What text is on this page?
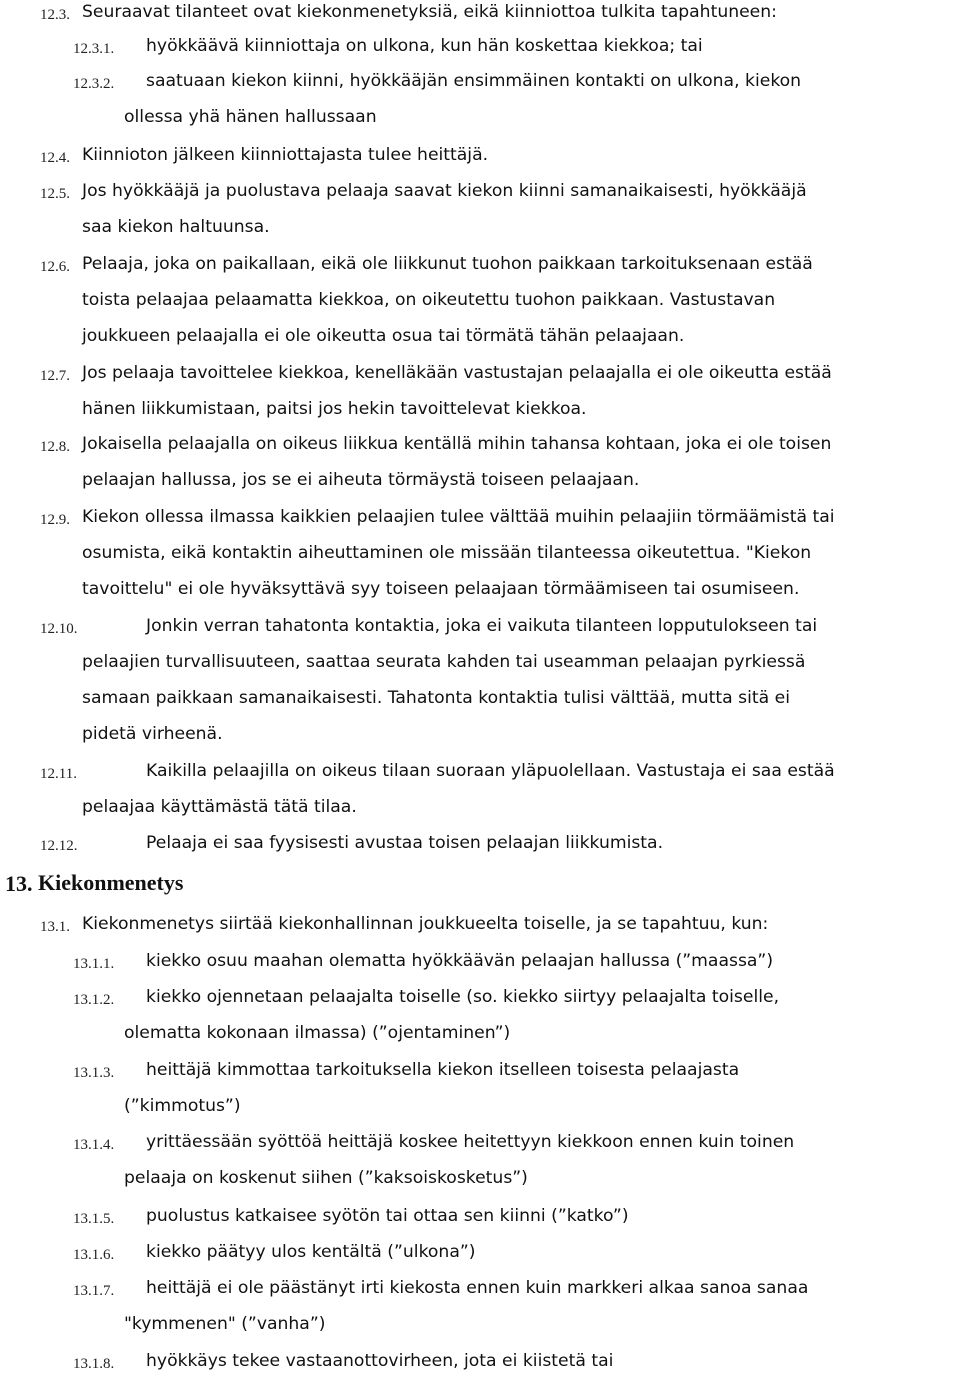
12.3. Seuraavat tilanteet ovat kiekonmenetyksiä, eikä kiinniottoa tulkita tapahtuneen:
12.3.1. hyökkäävä kiinniottaja on ulkona, kun hän koskettaa kiekkoa; tai
12.3.2. saatuaan kiekon kiinni, hyökkääjän ensimmäinen kontakti on ulkona, kiekon
ollessa yhä hänen hallussaan
12.4. Kiinnioton jälkeen kiinniottajasta tulee heittäjä.
12.5. Jos hyökkääjä ja puolustava pelaaja saavat kiekon kiinni samanaikaisesti, hyökkääjä
saa kiekon haltuunsa.
12.6. Pelaaja, joka on paikallaan, eikä ole liikkunut tuohon paikkaan tarkoituksenaan estää
toista pelaajaa pelaamatta kiekkoa, on oikeutettu tuohon paikkaan. Vastustavan
joukkueen pelaajalla ei ole oikeutta osua tai törmätä tähän pelaajaan.
12.7. Jos pelaaja tavoittelee kiekkoa, kenelläkään vastustajan pelaajalla ei ole oikeutta estää
hänen liikkumistaan, paitsi jos hekin tavoittelevat kiekkoa.
12.8. Jokaisella pelaajalla on oikeus liikkua kentällä mihin tahansa kohtaan, joka ei ole toisen
pelaajan hallussa, jos se ei aiheuta törmäystä toiseen pelaajaan.
12.9. Kiekon ollessa ilmassa kaikkien pelaajien tulee välttää muihin pelaajiin törmäämistä tai
osumista, eikä kontaktin aiheuttaminen ole missään tilanteessa oikeutettua. "Kiekon
tavoittelu" ei ole hyväksyttävä syy toiseen pelaajaan törmäämiseen tai osumiseen.
12.10.	Jonkin verran tahatonta kontaktia, joka ei vaikuta tilanteen lopputulokseen tai
pelaajien turvallisuuteen, saattaa seurata kahden tai useamman pelaajan pyrkiessä
samaan paikkaan samanaikaisesti. Tahatonta kontaktia tulisi välttää, mutta sitä ei
pidetä virheenä.
12.11.	Kaikilla pelaajilla on oikeus tilaan suoraan yläpuolellaan. Vastustaja ei saa estää
pelaajaa käyttämästä tätä tilaa.
12.12.	Pelaaja ei saa fyysisesti avustaa toisen pelaajan liikkumista.
13. Kiekonmenetys
13.1. Kiekonmenetys siirtää kiekonhallinnan joukkueelta toiselle, ja se tapahtuu, kun:
13.1.1. kiekko osuu maahan olematta hyökkäävän pelaajan hallussa (”maassa”)
13.1.2. kiekko ojennetaan pelaajalta toiselle (so. kiekko siirtyy pelaajalta toiselle,
olematta kokonaan ilmassa) (”ojentaminen”)
13.1.3. heittäjä kimmottaa tarkoituksella kiekon itselleen toisesta pelaajasta
(”kimmotus”)
13.1.4. yrittäessään syöttöä heittäjä koskee heitettyyn kiekkoon ennen kuin toinen
pelaaja on koskenut siihen (”kaksoiskosketus”)
13.1.5. puolustus katkaisee syötön tai ottaa sen kiinni (”katko”)
13.1.6. kiekko päätyy ulos kentältä (”ulkona”)
13.1.7. heittäjä ei ole päästänyt irti kiekosta ennen kuin markkeri alkaa sanoa sanaa
"kymmenen" (”vanha”)
13.1.8. hyökkäys tekee vastaanottovirheen, jota ei kiistetä tai
